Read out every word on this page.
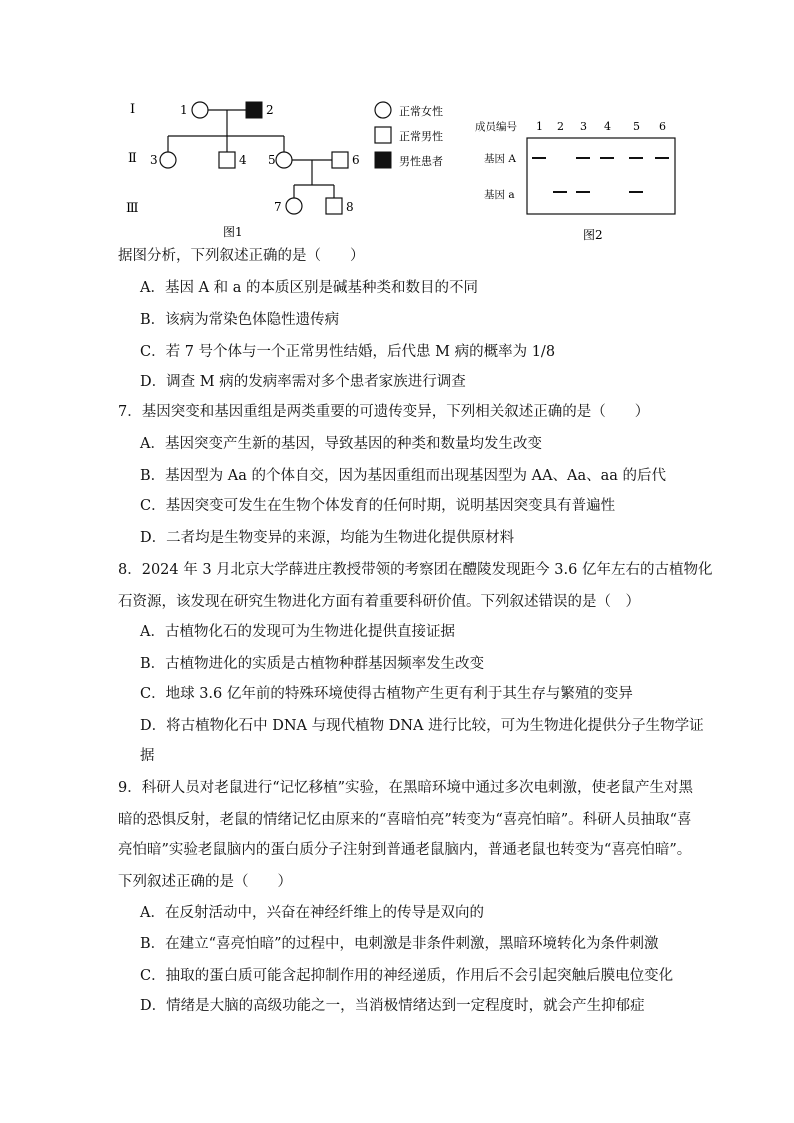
Ⅰ
Ⅱ
Ⅲ
1	2
3	4 5	6
7	8
正常女性
正常男性
男性患者
图1
成员编号 1 2 3 4 5 6
基因 A
基因 a
图2
据图分析，下列叙述正确的是（　　）
A．基因 A 和 a 的本质区别是碱基种类和数目的不同
B．该病为常染色体隐性遗传病
C．若 7 号个体与一个正常男性结婚，后代患 M 病的概率为 1/8
D．调查 M 病的发病率需对多个患者家族进行调查
7．基因突变和基因重组是两类重要的可遗传变异，下列相关叙述正确的是（　　）
A．基因突变产生新的基因，导致基因的种类和数量均发生改变
B．基因型为 Aa 的个体自交，因为基因重组而出现基因型为 AA、Aa、aa 的后代
C．基因突变可发生在生物个体发育的任何时期，说明基因突变具有普遍性
D．二者均是生物变异的来源，均能为生物进化提供原材料
8．2024 年 3 月北京大学薛进庄教授带领的考察团在醴陵发现距今 3.6 亿年左右的古植物化
石资源，该发现在研究生物进化方面有着重要科研价值。下列叙述错误的是（　）
A．古植物化石的发现可为生物进化提供直接证据
B．古植物进化的实质是古植物种群基因频率发生改变
C．地球 3.6 亿年前的特殊环境使得古植物产生更有利于其生存与繁殖的变异
D．将古植物化石中 DNA 与现代植物 DNA 进行比较，可为生物进化提供分子生物学证
据
9．科研人员对老鼠进行“记忆移植”实验，在黑暗环境中通过多次电刺激，使老鼠产生对黑
暗的恐惧反射，老鼠的情绪记忆由原来的“喜暗怕亮”转变为“喜亮怕暗”。科研人员抽取“喜
亮怕暗”实验老鼠脑内的蛋白质分子注射到普通老鼠脑内，普通老鼠也转变为“喜亮怕暗”。
下列叙述正确的是（　　）
A．在反射活动中，兴奋在神经纤维上的传导是双向的
B．在建立“喜亮怕暗”的过程中，电刺激是非条件刺激，黑暗环境转化为条件刺激
C．抽取的蛋白质可能含起抑制作用的神经递质，作用后不会引起突触后膜电位变化
D．情绪是大脑的高级功能之一，当消极情绪达到一定程度时，就会产生抑郁症
